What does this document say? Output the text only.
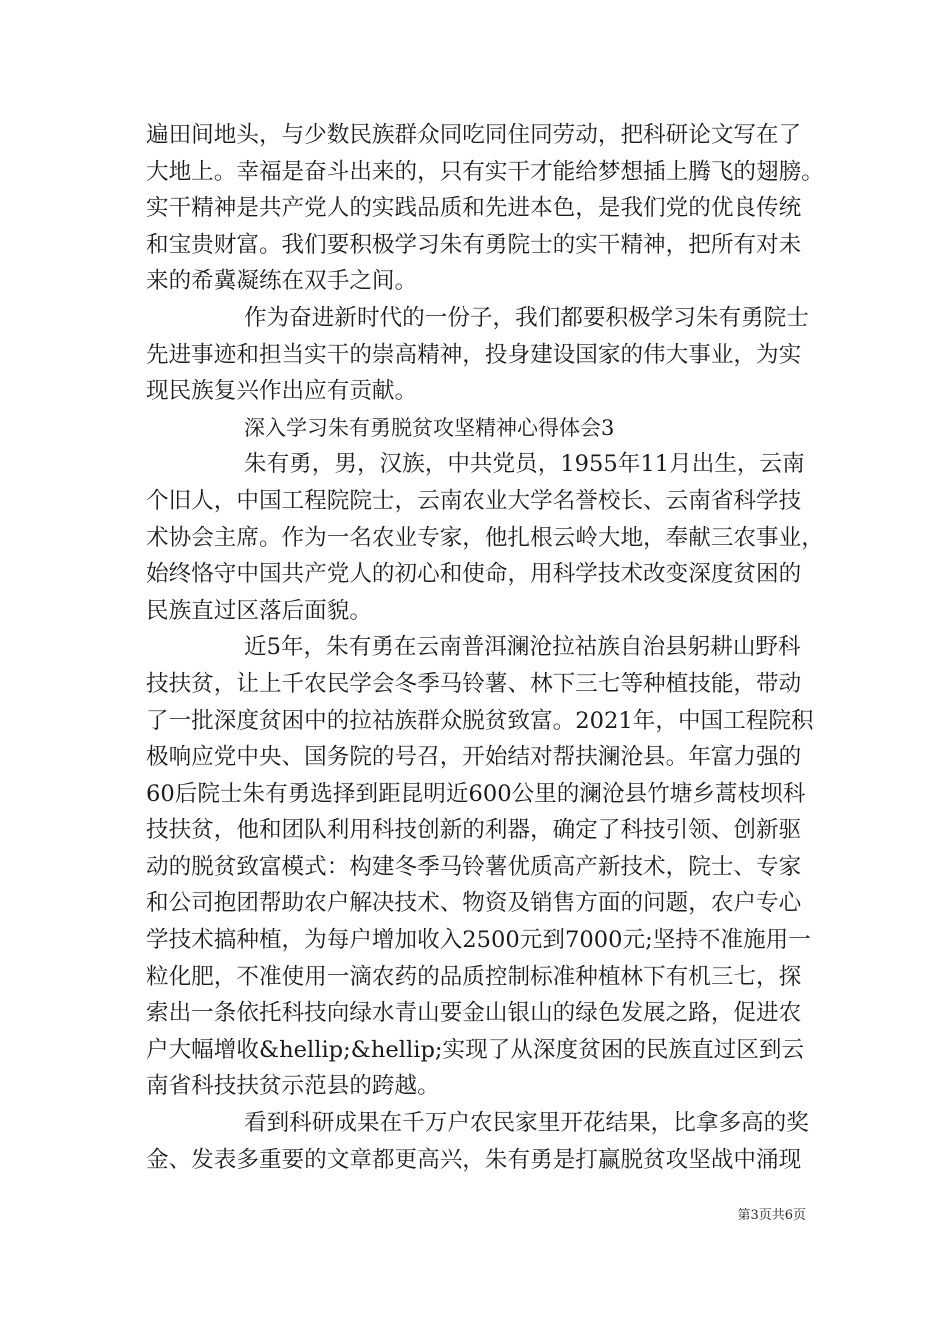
遍田间地头，与少数民族群众同吃同住同劳动，把科研论文写在了
大地上。幸福是奋斗出来的，只有实干才能给梦想插上腾飞的翅膀。
实干精神是共产党人的实践品质和先进本色，是我们党的优良传统
和宝贵财富。我们要积极学习朱有勇院士的实干精神，把所有对未
来的希冀凝练在双手之间。
作为奋进新时代的一份子，我们都要积极学习朱有勇院士
先进事迹和担当实干的崇高精神，投身建设国家的伟大事业，为实
现民族复兴作出应有贡献。
深入学习朱有勇脱贫攻坚精神心得体会3
朱有勇，男，汉族，中共党员，1955年11月出生，云南
个旧人，中国工程院院士，云南农业大学名誉校长、云南省科学技
术协会主席。作为一名农业专家，他扎根云岭大地，奉献三农事业，
始终恪守中国共产党人的初心和使命，用科学技术改变深度贫困的
民族直过区落后面貌。
近5年，朱有勇在云南普洱澜沧拉祜族自治县躬耕山野科
技扶贫，让上千农民学会冬季马铃薯、林下三七等种植技能，带动
了一批深度贫困中的拉祜族群众脱贫致富。2021年，中国工程院积
极响应党中央、国务院的号召，开始结对帮扶澜沧县。年富力强的
60后院士朱有勇选择到距昆明近600公里的澜沧县竹塘乡蒿枝坝科
技扶贫，他和团队利用科技创新的利器，确定了科技引领、创新驱
动的脱贫致富模式：构建冬季马铃薯优质高产新技术，院士、专家
和公司抱团帮助农户解决技术、物资及销售方面的问题，农户专心
学技术搞种植，为每户增加收入2500元到7000元;坚持不准施用一
粒化肥，不准使用一滴农药的品质控制标准种植林下有机三七，探
索出一条依托科技向绿水青山要金山银山的绿色发展之路，促进农
户大幅增收&hellip;&hellip;实现了从深度贫困的民族直过区到云
南省科技扶贫示范县的跨越。
看到科研成果在千万户农民家里开花结果，比拿多高的奖
金、发表多重要的文章都更高兴，朱有勇是打赢脱贫攻坚战中涌现
第3页共6页
